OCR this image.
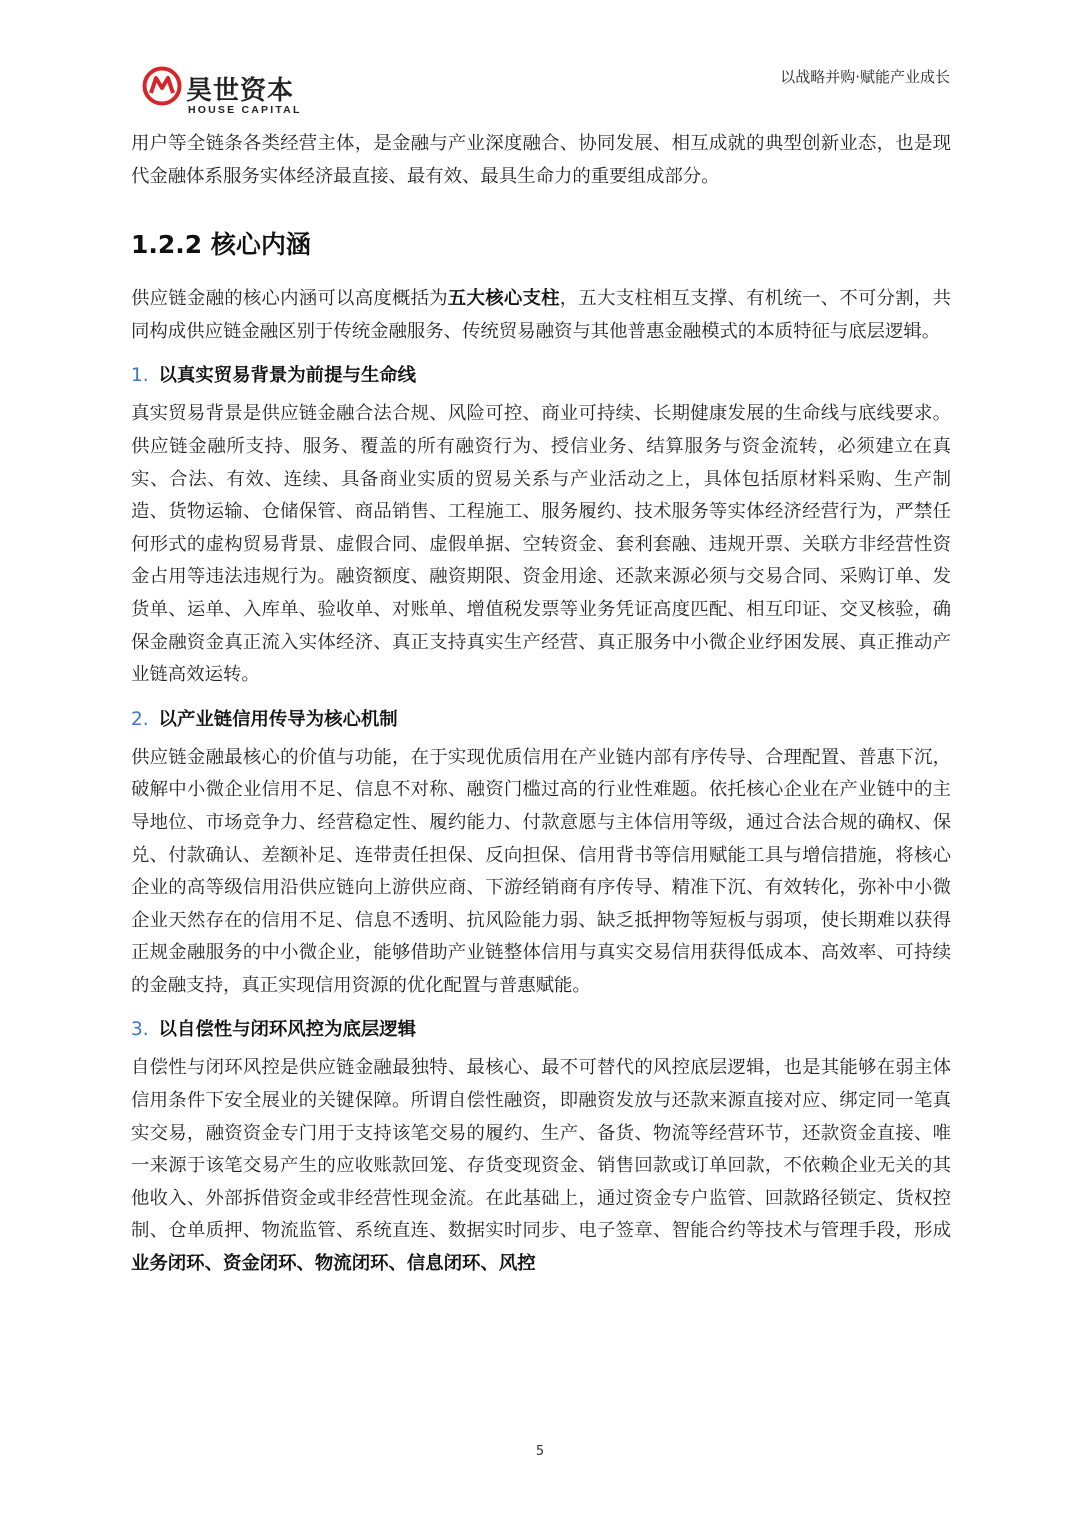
昊世资本
HOUSE CAPITAL
以战略并购·赋能产业成长

用户等全链条各类经营主体，是金融与产业深度融合、协同发展、相互成就的典型创新业态，也是现代金融体系服务实体经济最直接、最有效、最具生命力的重要组成部分。

1.2.2 核心内涵

供应链金融的核心内涵可以高度概括为五大核心支柱，五大支柱相互支撑、有机统一、不可分割，共同构成供应链金融区别于传统金融服务、传统贸易融资与其他普惠金融模式的本质特征与底层逻辑。

1. 以真实贸易背景为前提与生命线

真实贸易背景是供应链金融合法合规、风险可控、商业可持续、长期健康发展的生命线与底线要求。供应链金融所支持、服务、覆盖的所有融资行为、授信业务、结算服务与资金流转，必须建立在真实、合法、有效、连续、具备商业实质的贸易关系与产业活动之上，具体包括原材料采购、生产制造、货物运输、仓储保管、商品销售、工程施工、服务履约、技术服务等实体经济经营行为，严禁任何形式的虚构贸易背景、虚假合同、虚假单据、空转资金、套利套融、违规开票、关联方非经营性资金占用等违法违规行为。融资额度、融资期限、资金用途、还款来源必须与交易合同、采购订单、发货单、运单、入库单、验收单、对账单、增值税发票等业务凭证高度匹配、相互印证、交叉核验，确保金融资金真正流入实体经济、真正支持真实生产经营、真正服务中小微企业纾困发展、真正推动产业链高效运转。

2. 以产业链信用传导为核心机制

供应链金融最核心的价值与功能，在于实现优质信用在产业链内部有序传导、合理配置、普惠下沉，破解中小微企业信用不足、信息不对称、融资门槛过高的行业性难题。依托核心企业在产业链中的主导地位、市场竞争力、经营稳定性、履约能力、付款意愿与主体信用等级，通过合法合规的确权、保兑、付款确认、差额补足、连带责任担保、反向担保、信用背书等信用赋能工具与增信措施，将核心企业的高等级信用沿供应链向上游供应商、下游经销商有序传导、精准下沉、有效转化，弥补中小微企业天然存在的信用不足、信息不透明、抗风险能力弱、缺乏抵押物等短板与弱项，使长期难以获得正规金融服务的中小微企业，能够借助产业链整体信用与真实交易信用获得低成本、高效率、可持续的金融支持，真正实现信用资源的优化配置与普惠赋能。

3. 以自偿性与闭环风控为底层逻辑

自偿性与闭环风控是供应链金融最独特、最核心、最不可替代的风控底层逻辑，也是其能够在弱主体信用条件下安全展业的关键保障。所谓自偿性融资，即融资发放与还款来源直接对应、绑定同一笔真实交易，融资资金专门用于支持该笔交易的履约、生产、备货、物流等经营环节，还款资金直接、唯一来源于该笔交易产生的应收账款回笼、存货变现资金、销售回款或订单回款，不依赖企业无关的其他收入、外部拆借资金或非经营性现金流。在此基础上，通过资金专户监管、回款路径锁定、货权控制、仓单质押、物流监管、系统直连、数据实时同步、电子签章、智能合约等技术与管理手段，形成业务闭环、资金闭环、物流闭环、信息闭环、风控

5
